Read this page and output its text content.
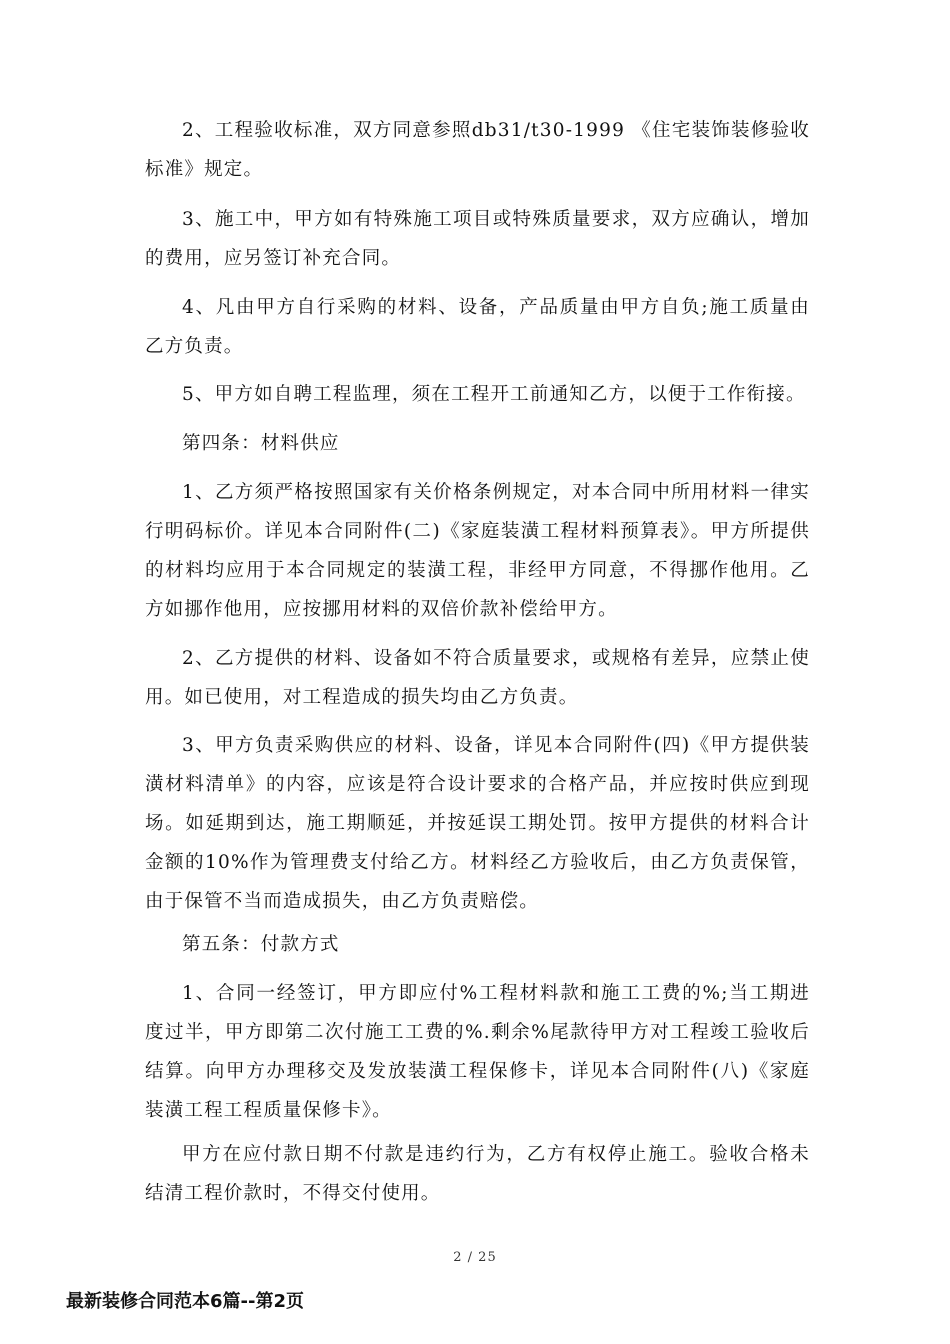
2、工程验收标准，双方同意参照db31/t30-1999 《住宅装饰装修验收标准》规定。

3、施工中，甲方如有特殊施工项目或特殊质量要求，双方应确认，增加的费用，应另签订补充合同。

4、凡由甲方自行采购的材料、设备，产品质量由甲方自负;施工质量由乙方负责。

5、甲方如自聘工程监理，须在工程开工前通知乙方，以便于工作衔接。

第四条：材料供应

1、乙方须严格按照国家有关价格条例规定，对本合同中所用材料一律实行明码标价。详见本合同附件(二)《家庭装潢工程材料预算表》。甲方所提供的材料均应用于本合同规定的装潢工程，非经甲方同意，不得挪作他用。乙方如挪作他用，应按挪用材料的双倍价款补偿给甲方。

2、乙方提供的材料、设备如不符合质量要求，或规格有差异，应禁止使用。如已使用，对工程造成的损失均由乙方负责。

3、甲方负责采购供应的材料、设备，详见本合同附件(四)《甲方提供装潢材料清单》的内容，应该是符合设计要求的合格产品，并应按时供应到现场。如延期到达，施工期顺延，并按延误工期处罚。按甲方提供的材料合计金额的10%作为管理费支付给乙方。材料经乙方验收后，由乙方负责保管，由于保管不当而造成损失，由乙方负责赔偿。

第五条：付款方式

1、合同一经签订，甲方即应付%工程材料款和施工工费的%;当工期进度过半，甲方即第二次付施工工费的%.剩余%尾款待甲方对工程竣工验收后结算。向甲方办理移交及发放装潢工程保修卡，详见本合同附件(八)《家庭装潢工程工程质量保修卡》。

甲方在应付款日期不付款是违约行为，乙方有权停止施工。验收合格未结清工程价款时，不得交付使用。

2 / 25
最新装修合同范本6篇--第2页
